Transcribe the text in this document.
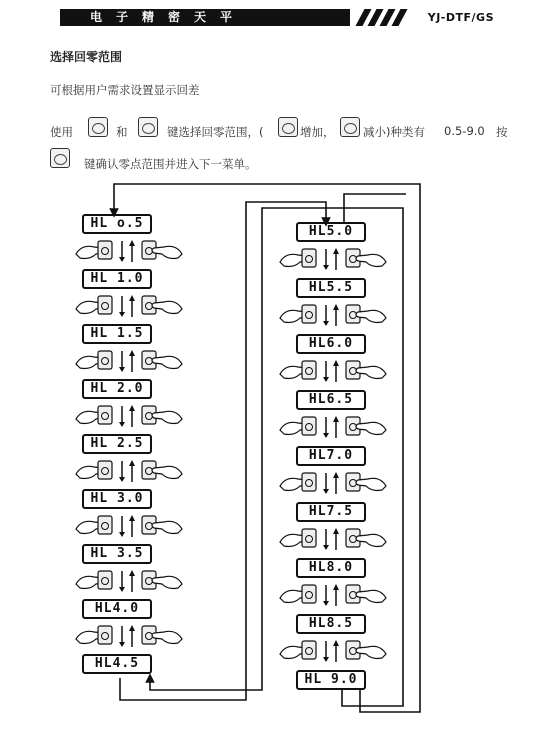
电子精密天平	YJ-DTF/GS
选择回零范围
可根据用户需求设置显示回差
使用	和	键选择回零范围，(	增加， 减小)种类有 0.5-9.0 按
键确认零点范围并进入下一菜单。
HL o.5
HL 1.0
HL 1.5
HL 2.0
HL 2.5
HL 3.0
HL 3.5
HL4.0
HL4.5
HL5.0
HL5.5
HL6.0
HL6.5
HL7.0
HL7.5
HL8.0
HL8.5
HL 9.0
